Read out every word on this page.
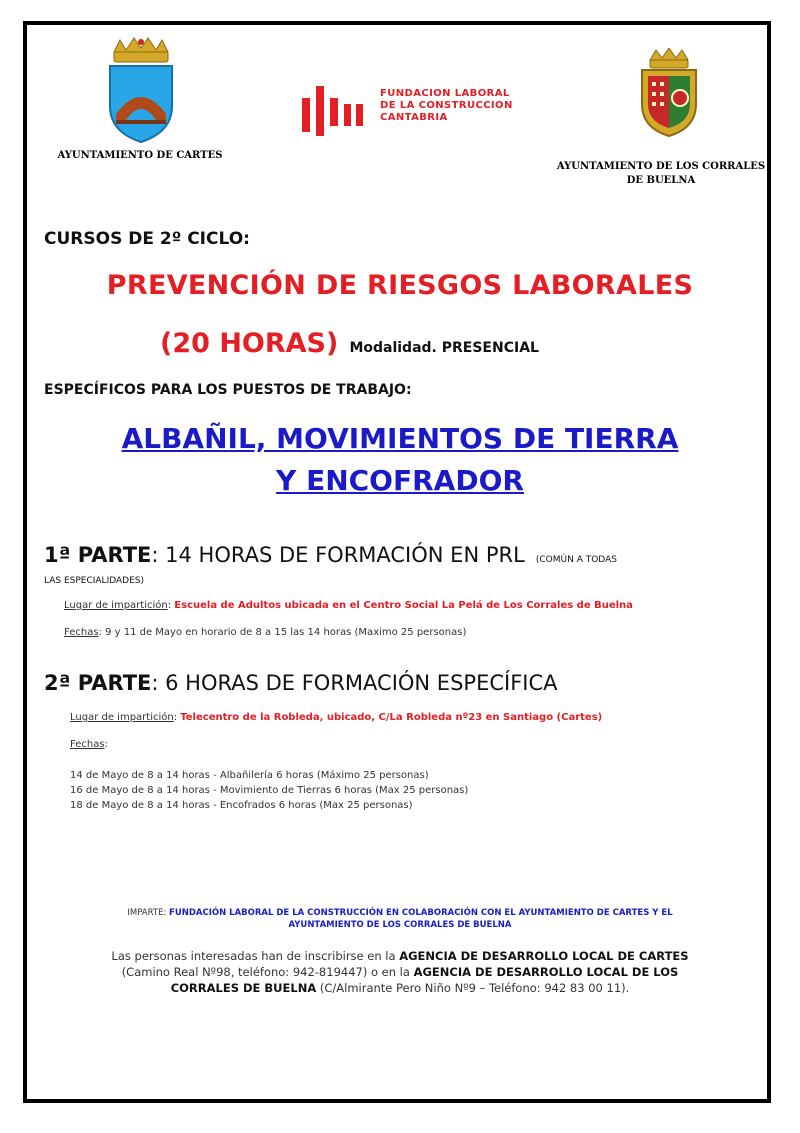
AYUNTAMIENTO DE CARTES
FUNDACION LABORAL
DE LA CONSTRUCCION
CANTABRIA
AYUNTAMIENTO DE LOS CORRALES
DE BUELNA
CURSOS DE 2º CICLO:
PREVENCIÓN DE RIESGOS LABORALES
(20 HORAS) Modalidad. PRESENCIAL
ESPECÍFICOS PARA LOS PUESTOS DE TRABAJO:
ALBAÑIL, MOVIMIENTOS DE TIERRA
Y ENCOFRADOR
1ª PARTE: 14 HORAS DE FORMACIÓN EN PRL (COMÚN A TODAS
LAS ESPECIALIDADES)
Lugar de impartición: Escuela de Adultos ubicada en el Centro Social La Pelá de Los Corrales de Buelna
Fechas: 9 y 11 de Mayo en horario de 8 a 15 las 14 horas (Maximo 25 personas)
2ª PARTE: 6 HORAS DE FORMACIÓN ESPECÍFICA
Lugar de impartición: Telecentro de la Robleda, ubicado, C/La Robleda nº23 en Santiago (Cartes)
Fechas:
14 de Mayo de 8 a 14 horas - Albañilería 6 horas (Máximo 25 personas)
16 de Mayo de 8 a 14 horas - Movimiento de Tierras 6 horas (Max 25 personas)
18 de Mayo de 8 a 14 horas - Encofrados 6 horas (Max 25 personas)
IMPARTE: FUNDACIÓN LABORAL DE LA CONSTRUCCIÓN EN COLABORACIÓN CON EL AYUNTAMIENTO DE CARTES Y EL
AYUNTAMIENTO DE LOS CORRALES DE BUELNA
Las personas interesadas han de inscribirse en la AGENCIA DE DESARROLLO LOCAL DE CARTES
(Camino Real Nº98, teléfono: 942-819447) o en la AGENCIA DE DESARROLLO LOCAL DE LOS
CORRALES DE BUELNA (C/Almirante Pero Niño Nº9 – Teléfono: 942 83 00 11).
